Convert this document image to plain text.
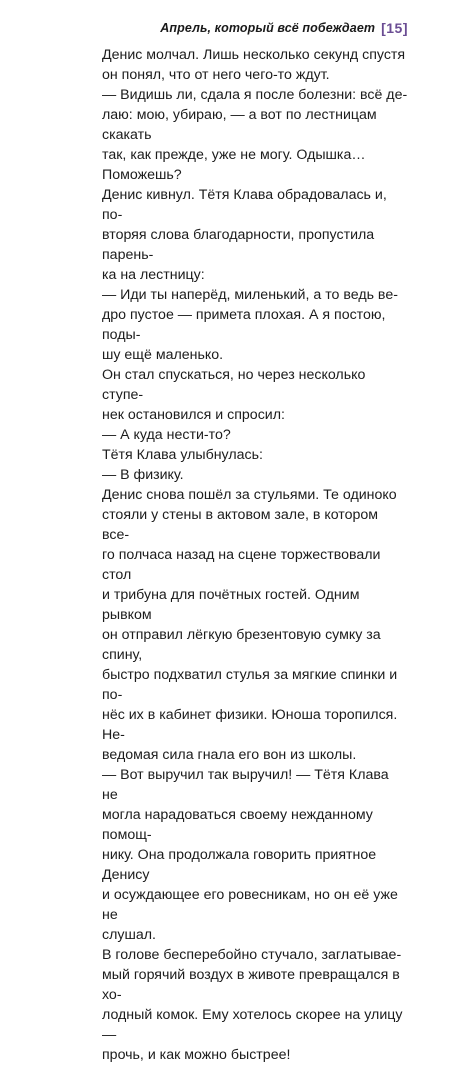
Апрель, который всё побеждает [15]

Денис молчал. Лишь несколько секунд спустя
он понял, что от него чего-то ждут.

— Видишь ли, сдала я после болезни: всё де-
лаю: мою, убираю, — а вот по лестницам скакать
так, как прежде, уже не могу. Одышка… Поможешь?

Денис кивнул. Тётя Клава обрадовалась и, по-
вторяя слова благодарности, пропустила парень-
ка на лестницу:

— Иди ты наперёд, миленький, а то ведь ве-
дро пустое — примета плохая. А я постою, поды-
шу ещё маленько.

Он стал спускаться, но через несколько ступе-
нек остановился и спросил:

— А куда нести-то?

Тётя Клава улыбнулась:

— В физику.

Денис снова пошёл за стульями. Те одиноко
стояли у стены в актовом зале, в котором все-
го полчаса назад на сцене торжествовали стол
и трибуна для почётных гостей. Одним рывком
он отправил лёгкую брезентовую сумку за спину,
быстро подхватил стулья за мягкие спинки и по-
нёс их в кабинет физики. Юноша торопился. Не-
ведомая сила гнала его вон из школы.

— Вот выручил так выручил! — Тётя Клава не
могла нарадоваться своему нежданному помощ-
нику. Она продолжала говорить приятное Денису
и осуждающее его ровесникам, но он её уже не
слушал.

В голове бесперебойно стучало, заглатывае-
мый горячий воздух в животе превращался в хо-
лодный комок. Ему хотелось скорее на улицу —
прочь, и как можно быстрее!
